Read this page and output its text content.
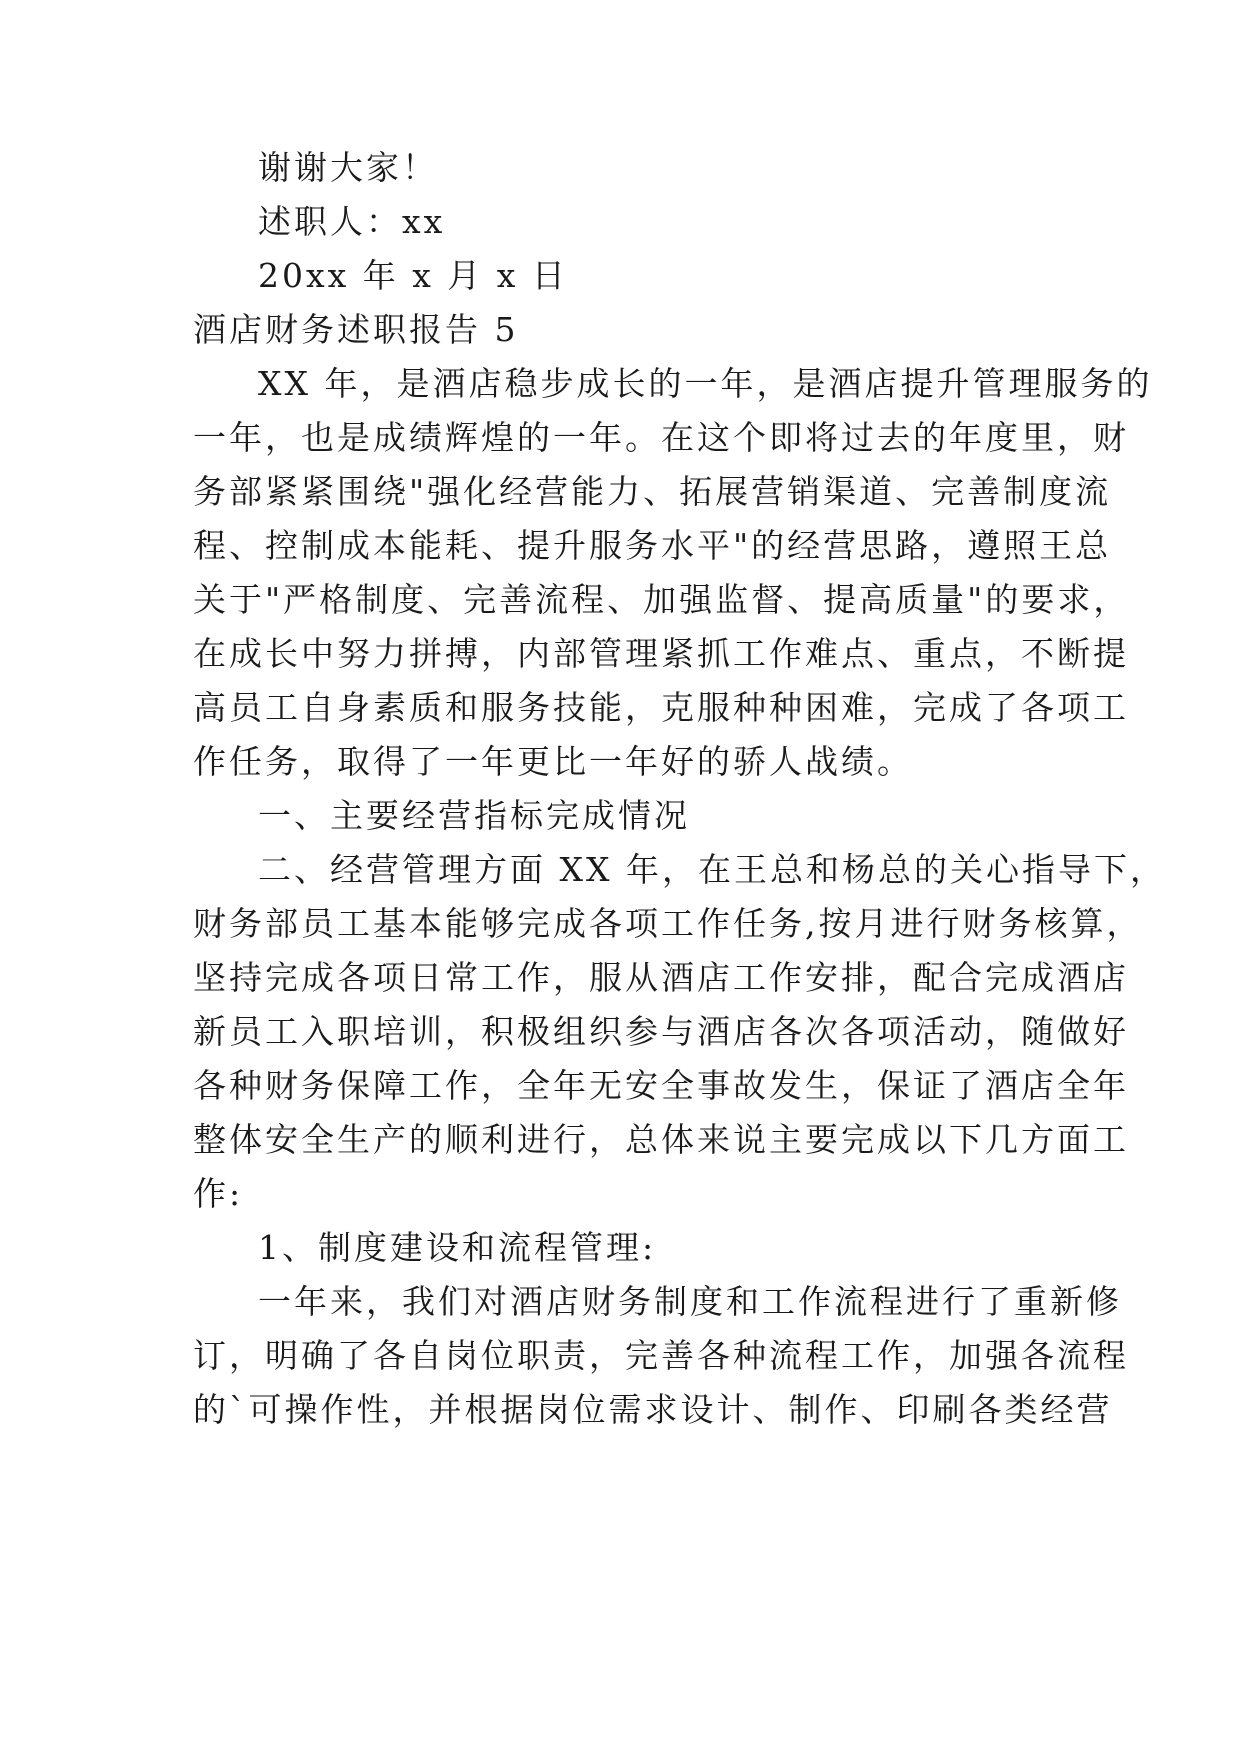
谢谢大家！
述职人：xx
20xx 年 x 月 x 日
酒店财务述职报告 5
XX 年，是酒店稳步成长的一年，是酒店提升管理服务的
一年，也是成绩辉煌的一年。在这个即将过去的年度里，财
务部紧紧围绕"强化经营能力、拓展营销渠道、完善制度流
程、控制成本能耗、提升服务水平"的经营思路，遵照王总
关于"严格制度、完善流程、加强监督、提高质量"的要求，
在成长中努力拼搏，内部管理紧抓工作难点、重点，不断提
高员工自身素质和服务技能，克服种种困难，完成了各项工
作任务，取得了一年更比一年好的骄人战绩。
一、主要经营指标完成情况
二、经营管理方面 XX 年，在王总和杨总的关心指导下，
财务部员工基本能够完成各项工作任务,按月进行财务核算，
坚持完成各项日常工作，服从酒店工作安排，配合完成酒店
新员工入职培训，积极组织参与酒店各次各项活动，随做好
各种财务保障工作，全年无安全事故发生，保证了酒店全年
整体安全生产的顺利进行，总体来说主要完成以下几方面工
作:
1、制度建设和流程管理:
一年来，我们对酒店财务制度和工作流程进行了重新修
订，明确了各自岗位职责，完善各种流程工作，加强各流程
的`可操作性，并根据岗位需求设计、制作、印刷各类经营
